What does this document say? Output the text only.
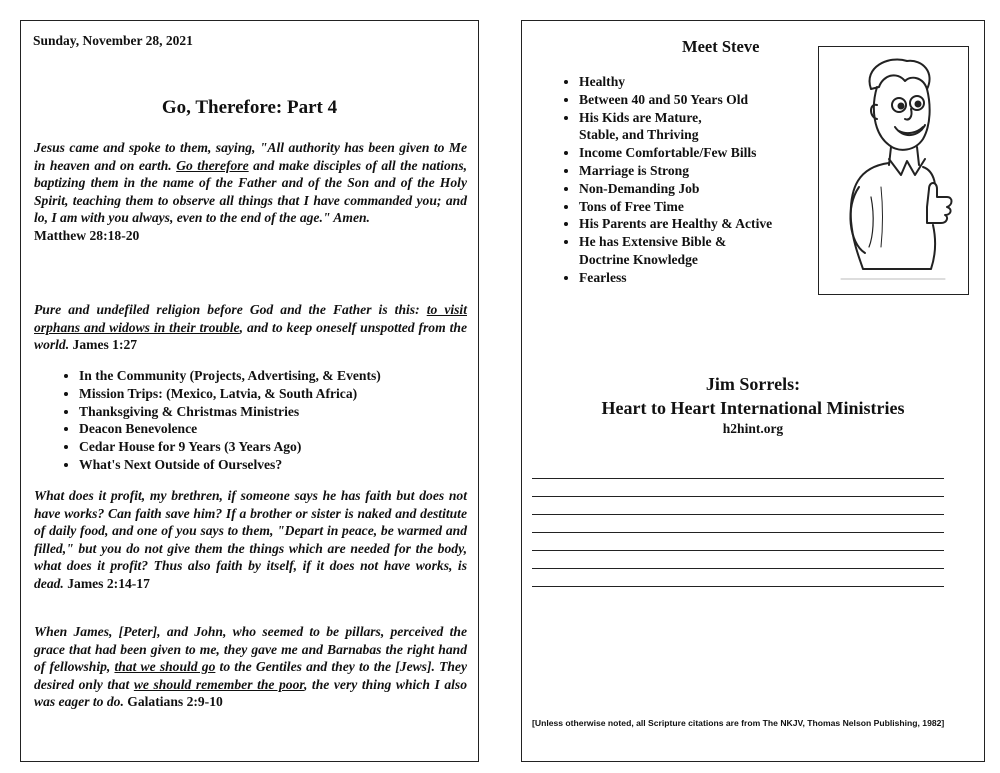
Sunday, November 28, 2021
Go, Therefore: Part 4

Jesus came and spoke to them, saying, "All authority has been given to Me in heaven and on earth. Go therefore and make disciples of all the nations, baptizing them in the name of the Father and of the Son and of the Holy Spirit, teaching them to observe all things that I have commanded you; and lo, I am with you always, even to the end of the age." Amen.
Matthew 28:18-20

Pure and undefiled religion before God and the Father is this: to visit orphans and widows in their trouble, and to keep oneself unspotted from the world. James 1:27

• In the Community (Projects, Advertising, & Events)
• Mission Trips: (Mexico, Latvia, & South Africa)
• Thanksgiving & Christmas Ministries
• Deacon Benevolence
• Cedar House for 9 Years (3 Years Ago)
• What's Next Outside of Ourselves?

What does it profit, my brethren, if someone says he has faith but does not have works? Can faith save him? If a brother or sister is naked and destitute of daily food, and one of you says to them, "Depart in peace, be warmed and filled," but you do not give them the things which are needed for the body, what does it profit? Thus also faith by itself, if it does not have works, is dead. James 2:14-17

When James, [Peter], and John, who seemed to be pillars, perceived the grace that had been given to me, they gave me and Barnabas the right hand of fellowship, that we should go to the Gentiles and they to the [Jews]. They desired only that we should remember the poor, the very thing which I also was eager to do. Galatians 2:9-10

Meet Steve
• Healthy
• Between 40 and 50 Years Old
• His Kids are Mature, Stable, and Thriving
• Income Comfortable/Few Bills
• Marriage is Strong
• Non-Demanding Job
• Tons of Free Time
• His Parents are Healthy & Active
• He has Extensive Bible & Doctrine Knowledge
• Fearless
Jim Sorrels:
Heart to Heart International Ministries
h2hint.org
[Unless otherwise noted, all Scripture citations are from The NKJV, Thomas Nelson Publishing, 1982]
